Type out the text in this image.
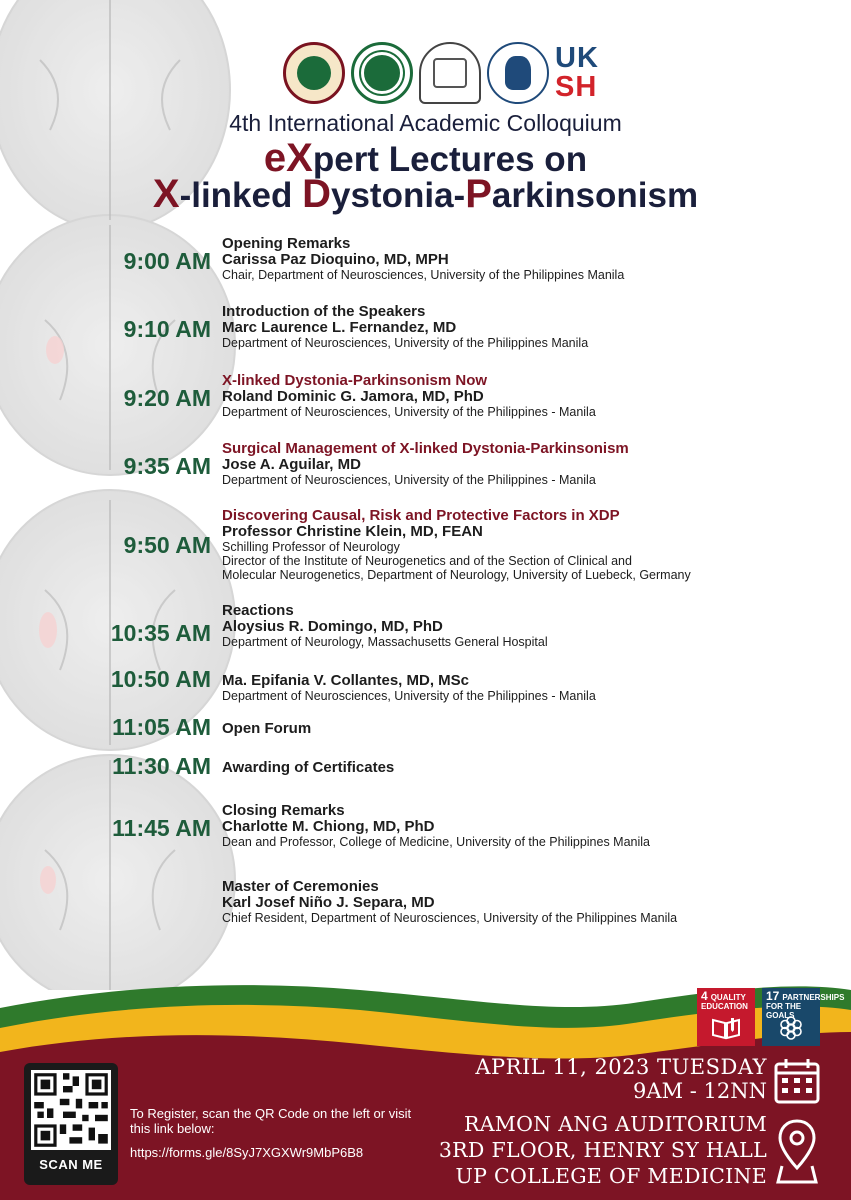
UK
SH
4th International Academic Colloquium
eXpert Lectures on
X-linked Dystonia-Parkinsonism
9:00 AM
Opening Remarks
Carissa Paz Dioquino, MD, MPH
Chair, Department of Neurosciences, University of the Philippines Manila
9:10 AM
Introduction of the Speakers
Marc Laurence L. Fernandez, MD
Department of Neurosciences, University of the Philippines Manila
9:20 AM
X-linked Dystonia-Parkinsonism Now
Roland Dominic G. Jamora, MD, PhD
Department of Neurosciences, University of the Philippines - Manila
9:35 AM
Surgical Management of X-linked Dystonia-Parkinsonism
Jose A. Aguilar, MD
Department of Neurosciences, University of the Philippines - Manila
9:50 AM
Discovering Causal, Risk and Protective Factors in XDP
Professor Christine Klein, MD, FEAN
Schilling Professor of Neurology
Director of the Institute of Neurogenetics and of the Section of Clinical and
Molecular Neurogenetics, Department of Neurology, University of Luebeck, Germany
10:35 AM
Reactions
Aloysius R. Domingo, MD, PhD
Department of Neurology, Massachusetts General Hospital
10:50 AM Ma. Epifania V. Collantes, MD, MSc
Department of Neurosciences, University of the Philippines - Manila
11:05 AM Open Forum
11:30 AM Awarding of Certificates
11:45 AM
Closing Remarks
Charlotte M. Chiong, MD, PhD
Dean and Professor, College of Medicine, University of the Philippines Manila
Master of Ceremonies
Karl Josef Niño J. Separa, MD
Chief Resident, Department of Neurosciences, University of the Philippines Manila
4 QUALITY EDUCATION
17 PARTNERSHIPS FOR THE GOALS
SCAN ME
To Register, scan the QR Code on the left or visit this link below:
https://forms.gle/8SyJ7XGXWr9MbP6B8
APRIL 11, 2023 TUESDAY
9AM - 12NN
RAMON ANG AUDITORIUM
3RD FLOOR, HENRY SY HALL
UP COLLEGE OF MEDICINE
